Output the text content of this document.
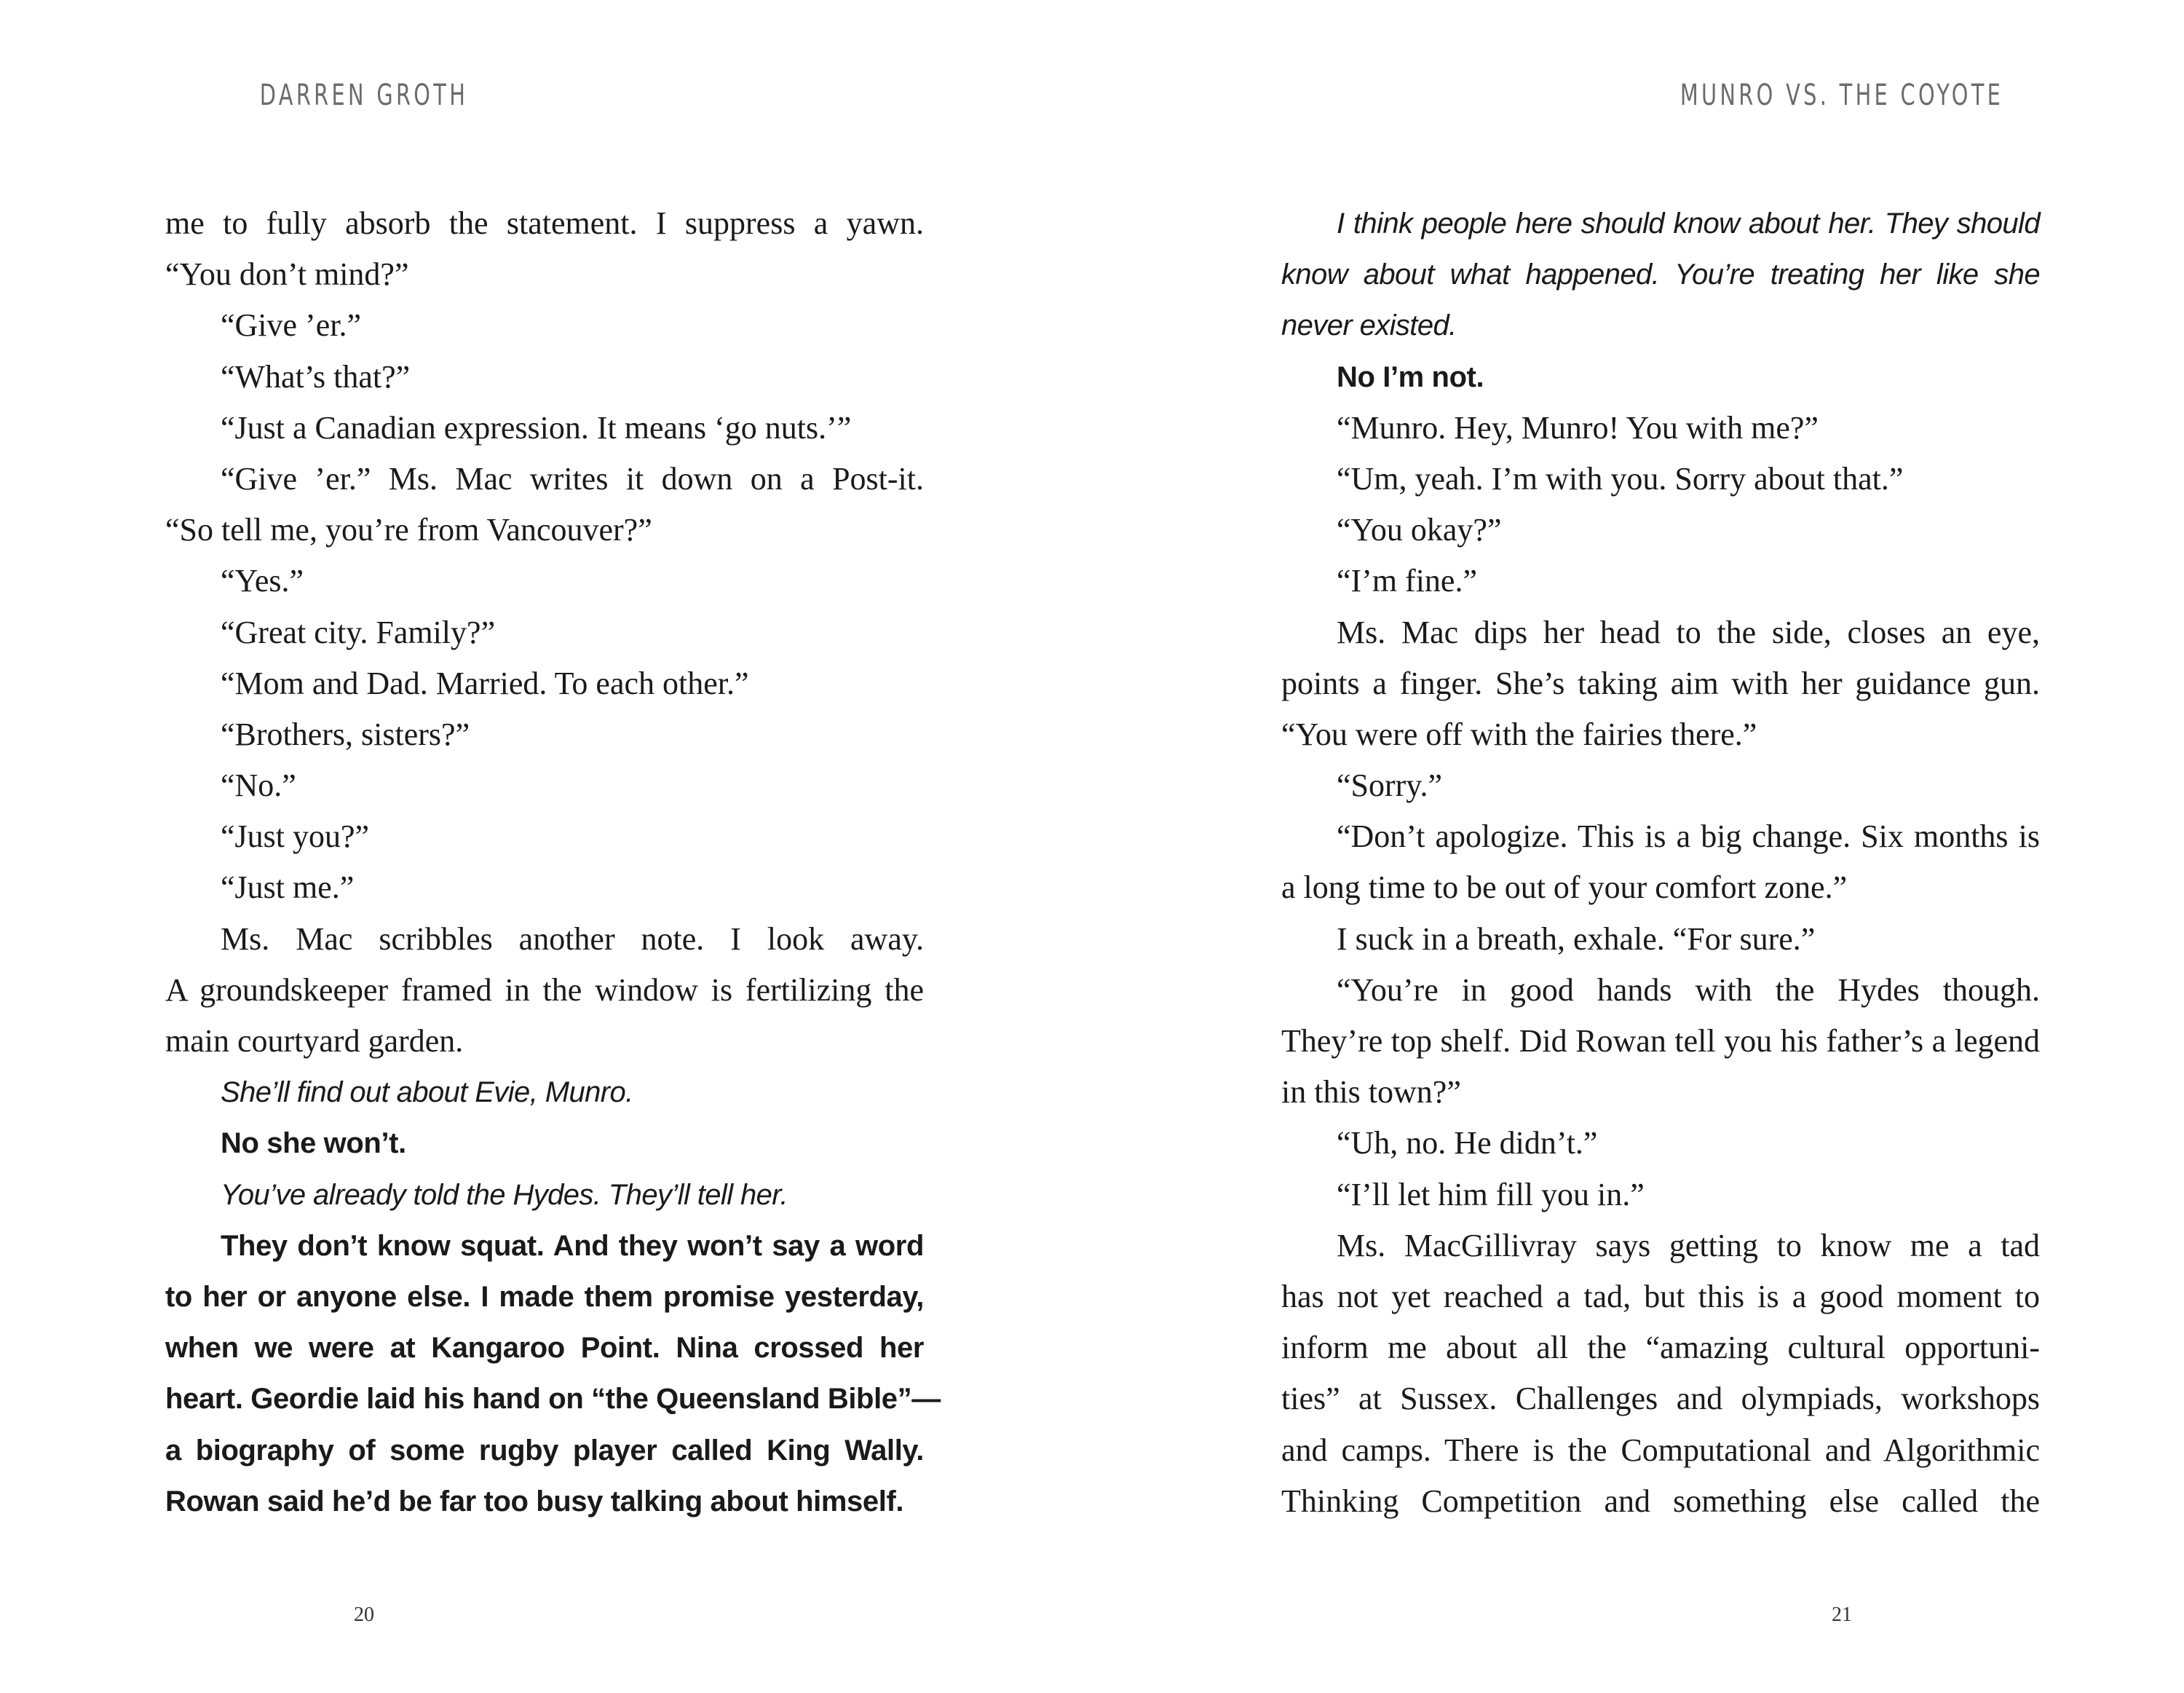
DARREN GROTH
me to fully absorb the statement. I suppress a yawn.
“You don’t mind?”
“Give ’er.”
“What’s that?”
“Just a Canadian expression. It means ‘go nuts.’”
“Give ’er.” Ms. Mac writes it down on a Post-it.
“So tell me, you’re from Vancouver?”
“Yes.”
“Great city. Family?”
“Mom and Dad. Married. To each other.”
“Brothers, sisters?”
“No.”
“Just you?”
“Just me.”
Ms. Mac scribbles another note. I look away.
A groundskeeper framed in the window is fertilizing the
main courtyard garden.
She’ll find out about Evie, Munro.
No she won’t.
You’ve already told the Hydes. They’ll tell her.
They don’t know squat. And they won’t say a word
to her or anyone else. I made them promise yesterday,
when we were at Kangaroo Point. Nina crossed her
heart. Geordie laid his hand on “the Queensland Bible”—
a biography of some rugby player called King Wally.
Rowan said he’d be far too busy talking about himself.
20
MUNRO VS. THE COYOTE
I think people here should know about her. They should
know about what happened. You’re treating her like she
never existed.
No I’m not.
“Munro. Hey, Munro! You with me?”
“Um, yeah. I’m with you. Sorry about that.”
“You okay?”
“I’m fine.”
Ms. Mac dips her head to the side, closes an eye,
points a finger. She’s taking aim with her guidance gun.
“You were off with the fairies there.”
“Sorry.”
“Don’t apologize. This is a big change. Six months is
a long time to be out of your comfort zone.”
I suck in a breath, exhale. “For sure.”
“You’re in good hands with the Hydes though.
They’re top shelf. Did Rowan tell you his father’s a legend
in this town?”
“Uh, no. He didn’t.”
“I’ll let him fill you in.”
Ms. MacGillivray says getting to know me a tad
has not yet reached a tad, but this is a good moment to
inform me about all the “amazing cultural opportuni-
ties” at Sussex. Challenges and olympiads, workshops
and camps. There is the Computational and Algorithmic
Thinking Competition and something else called the
21
